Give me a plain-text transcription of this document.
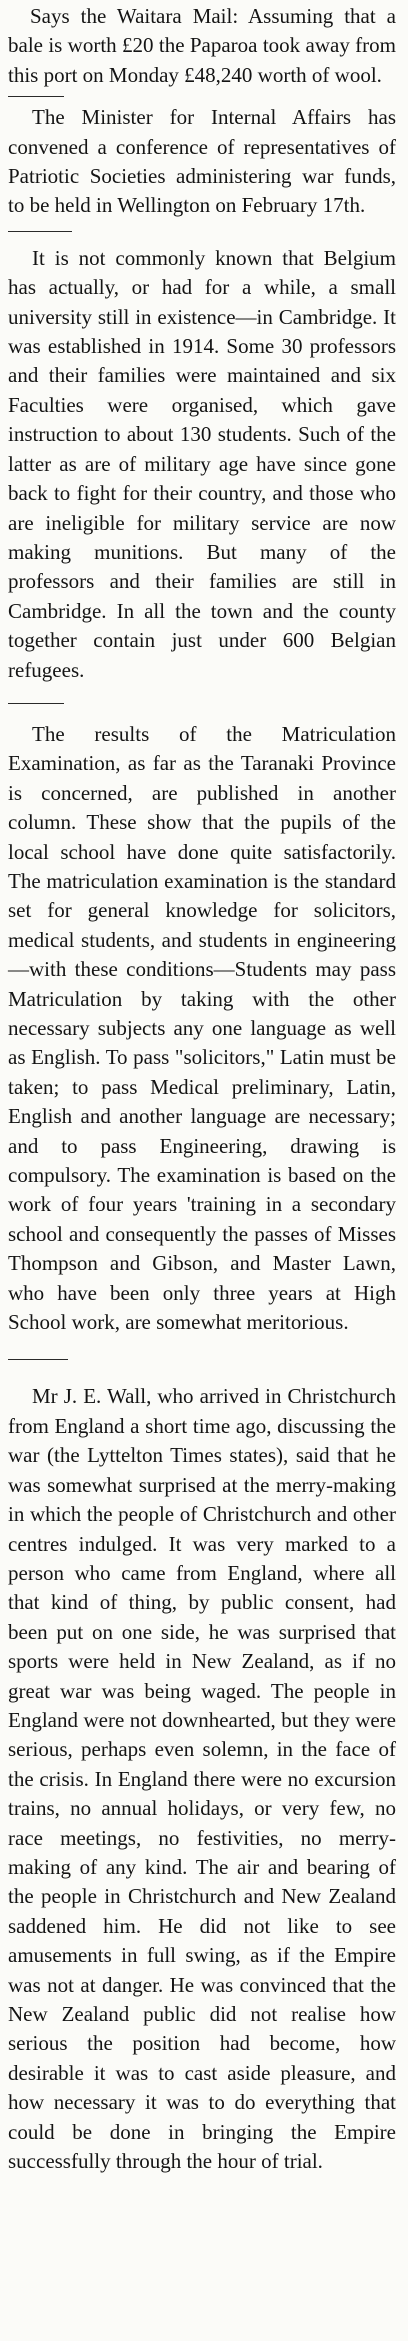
Says the Waitara Mail: Assuming that a bale is worth £20 the Paparoa took away from this port on Monday £48,240 worth of wool.

The Minister for Internal Affairs has convened a conference of representatives of Patriotic Societies administering war funds, to be held in Wellington on February 17th.

It is not commonly known that Belgium has actually, or had for a while, a small university still in existence—in Cambridge. It was established in 1914. Some 30 professors and their families were maintained and six Faculties were organised, which gave instruction to about 130 students. Such of the latter as are of military age have since gone back to fight for their country, and those who are ineligible for military service are now making munitions. But many of the professors and their families are still in Cambridge. In all the town and the county together contain just under 600 Belgian refugees.

The results of the Matriculation Examination, as far as the Taranaki Province is concerned, are published in another column. These show that the pupils of the local school have done quite satisfactorily. The matriculation examination is the standard set for general knowledge for solicitors, medical students, and students in engineering—with these conditions—Students may pass Matriculation by taking with the other necessary subjects any one language as well as English. To pass "solicitors," Latin must be taken; to pass Medical preliminary, Latin, English and another language are necessary; and to pass Engineering, drawing is compulsory. The examination is based on the work of four years 'training in a secondary school and consequently the passes of Misses Thompson and Gibson, and Master Lawn, who have been only three years at High School work, are somewhat meritorious.

Mr J. E. Wall, who arrived in Christchurch from England a short time ago, discussing the war (the Lyttelton Times states), said that he was somewhat surprised at the merry-making in which the people of Christchurch and other centres indulged. It was very marked to a person who came from England, where all that kind of thing, by public consent, had been put on one side, he was surprised that sports were held in New Zealand, as if no great war was being waged. The people in England were not downhearted, but they were serious, perhaps even solemn, in the face of the crisis. In England there were no excursion trains, no annual holidays, or very few, no race meetings, no festivities, no merry-making of any kind. The air and bearing of the people in Christchurch and New Zealand saddened him. He did not like to see amusements in full swing, as if the Empire was not at danger. He was convinced that the New Zealand public did not realise how serious the position had become, how desirable it was to cast aside pleasure, and how necessary it was to do everything that could be done in bringing the Empire successfully through the hour of trial.
